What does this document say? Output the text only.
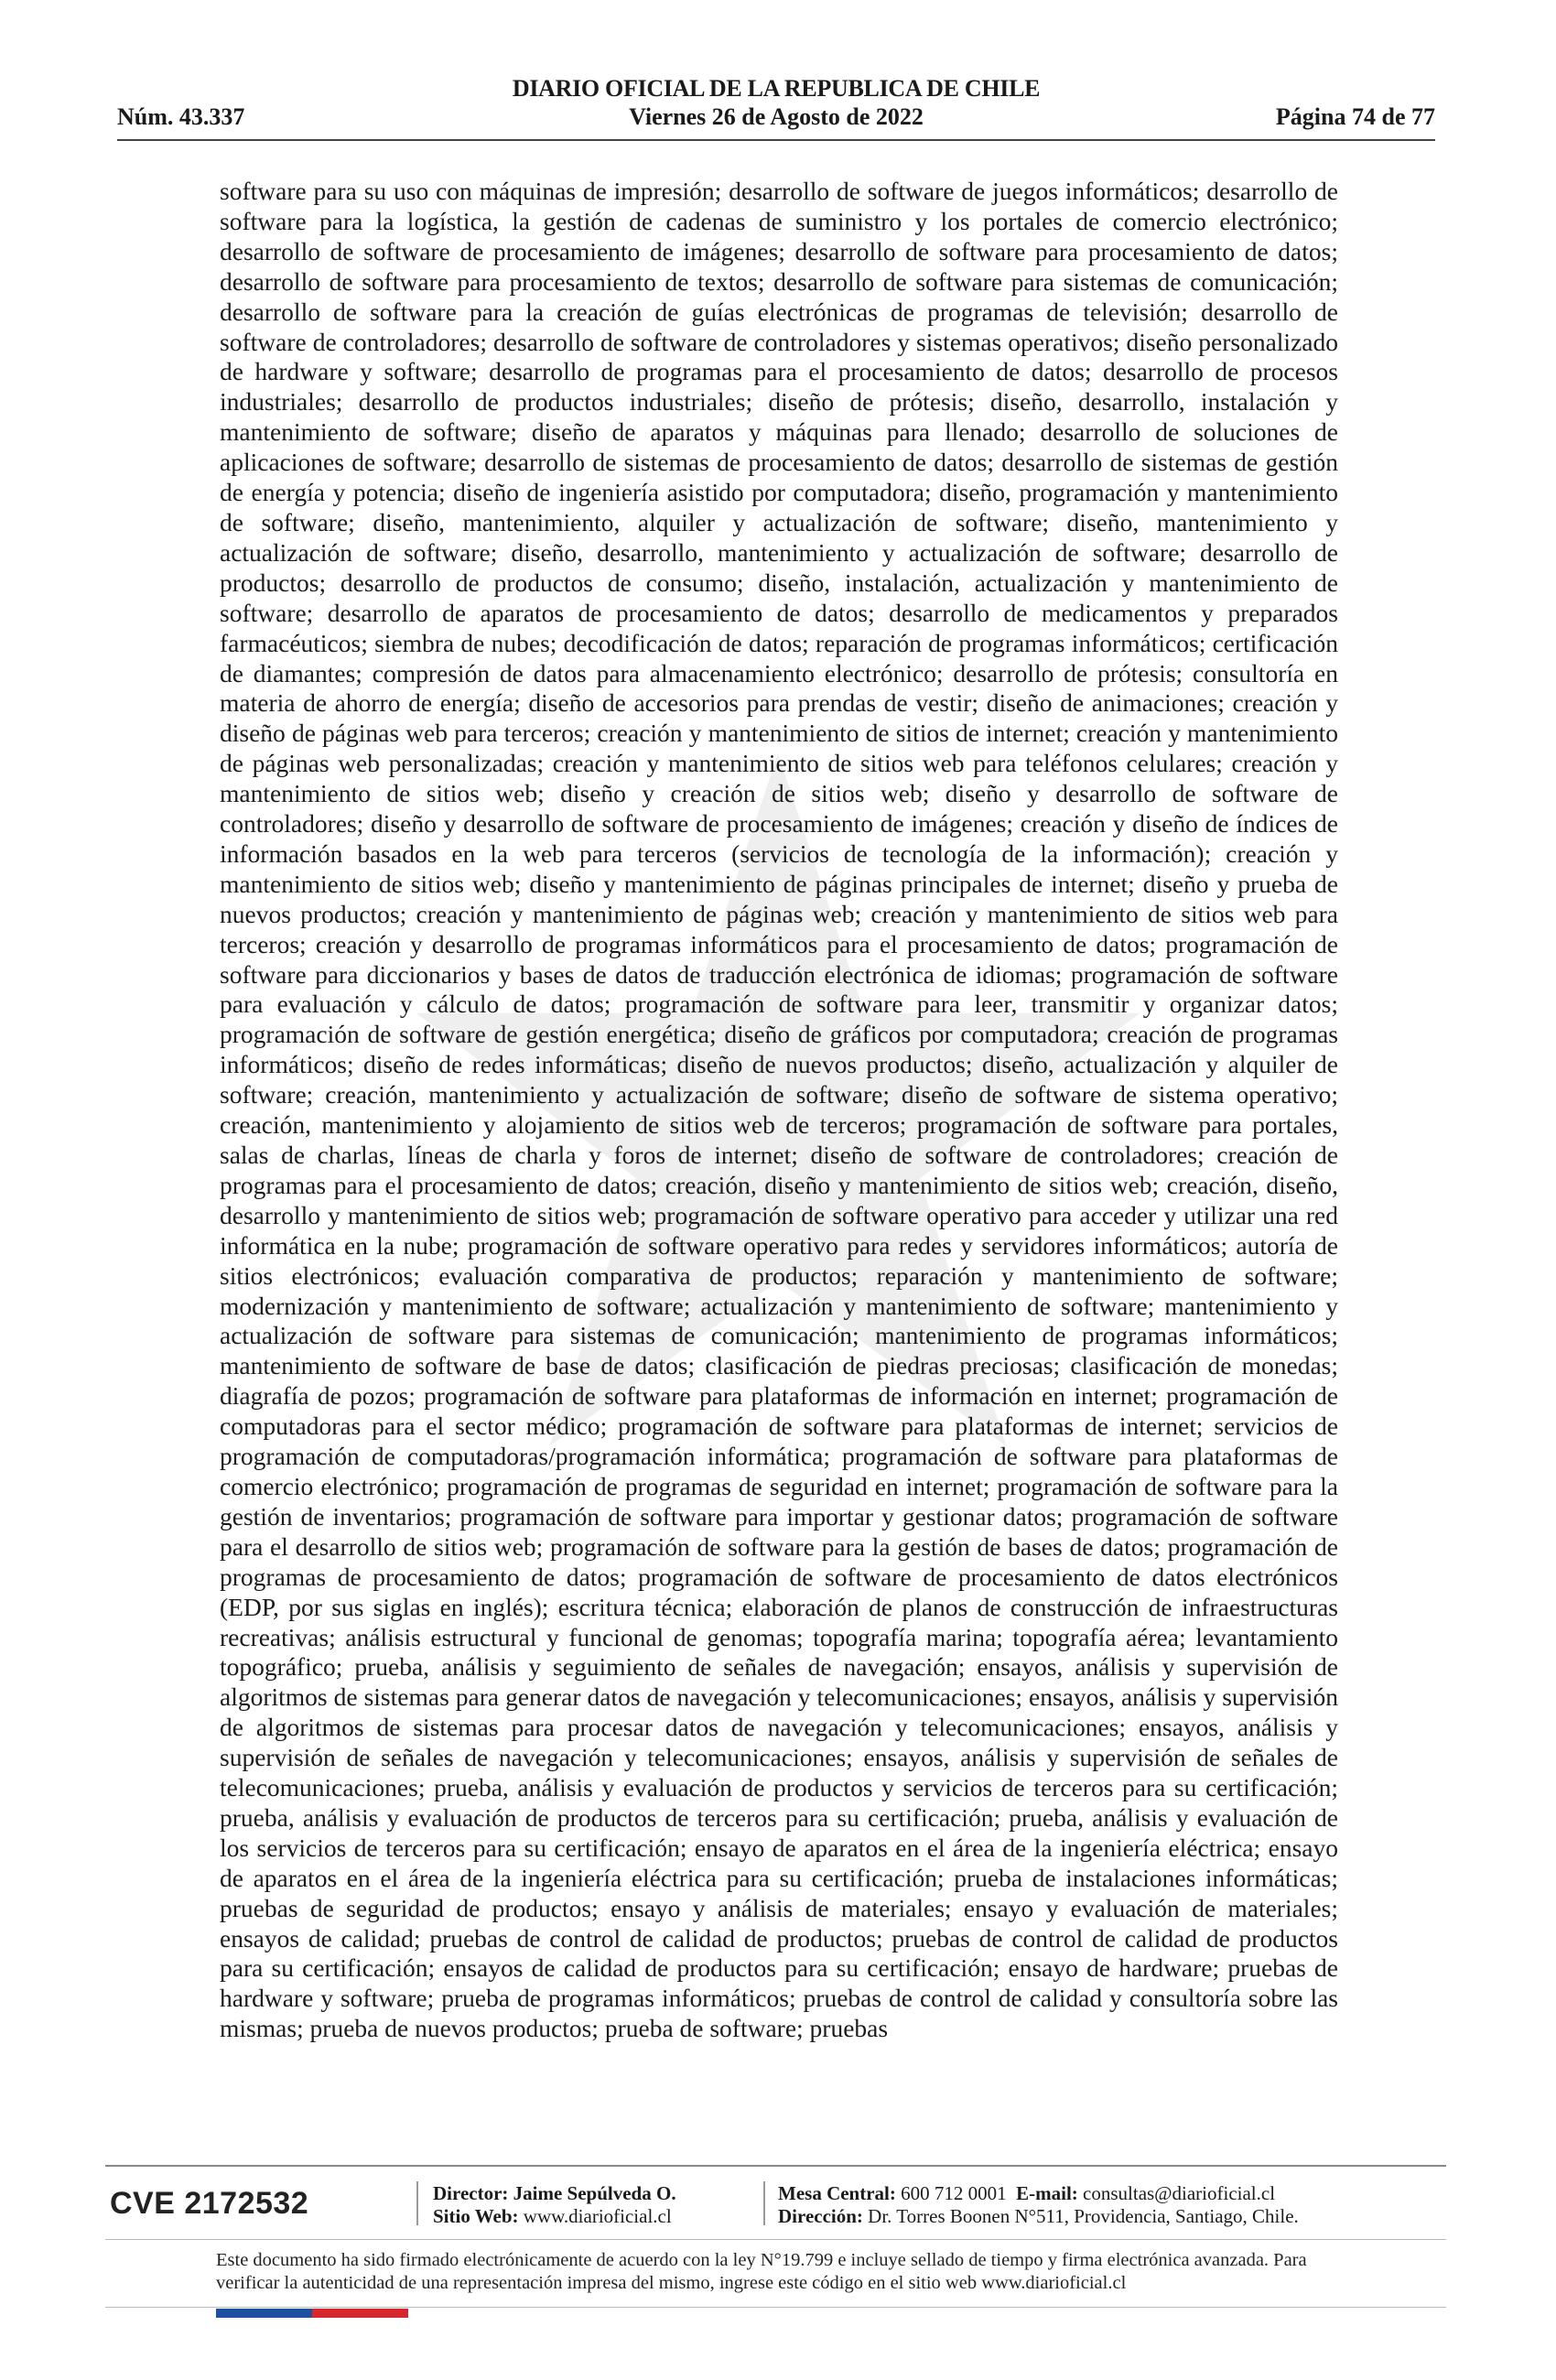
DIARIO OFICIAL DE LA REPUBLICA DE CHILE
Viernes 26 de Agosto de 2022
Núm. 43.337	Página 74 de 77

software para su uso con máquinas de impresión; desarrollo de software de juegos informáticos; desarrollo de software para la logística, la gestión de cadenas de suministro y los portales de comercio electrónico; desarrollo de software de procesamiento de imágenes; desarrollo de software para procesamiento de datos; desarrollo de software para procesamiento de textos; desarrollo de software para sistemas de comunicación; desarrollo de software para la creación de guías electrónicas de programas de televisión; desarrollo de software de controladores; desarrollo de software de controladores y sistemas operativos; diseño personalizado de hardware y software; desarrollo de programas para el procesamiento de datos; desarrollo de procesos industriales; desarrollo de productos industriales; diseño de prótesis; diseño, desarrollo, instalación y mantenimiento de software; diseño de aparatos y máquinas para llenado; desarrollo de soluciones de aplicaciones de software; desarrollo de sistemas de procesamiento de datos; desarrollo de sistemas de gestión de energía y potencia; diseño de ingeniería asistido por computadora; diseño, programación y mantenimiento de software; diseño, mantenimiento, alquiler y actualización de software; diseño, mantenimiento y actualización de software; diseño, desarrollo, mantenimiento y actualización de software; desarrollo de productos; desarrollo de productos de consumo; diseño, instalación, actualización y mantenimiento de software; desarrollo de aparatos de procesamiento de datos; desarrollo de medicamentos y preparados farmacéuticos; siembra de nubes; decodificación de datos; reparación de programas informáticos; certificación de diamantes; compresión de datos para almacenamiento electrónico; desarrollo de prótesis; consultoría en materia de ahorro de energía; diseño de accesorios para prendas de vestir; diseño de animaciones; creación y diseño de páginas web para terceros; creación y mantenimiento de sitios de internet; creación y mantenimiento de páginas web personalizadas; creación y mantenimiento de sitios web para teléfonos celulares; creación y mantenimiento de sitios web; diseño y creación de sitios web; diseño y desarrollo de software de controladores; diseño y desarrollo de software de procesamiento de imágenes; creación y diseño de índices de información basados en la web para terceros (servicios de tecnología de la información); creación y mantenimiento de sitios web; diseño y mantenimiento de páginas principales de internet; diseño y prueba de nuevos productos; creación y mantenimiento de páginas web; creación y mantenimiento de sitios web para terceros; creación y desarrollo de programas informáticos para el procesamiento de datos; programación de software para diccionarios y bases de datos de traducción electrónica de idiomas; programación de software para evaluación y cálculo de datos; programación de software para leer, transmitir y organizar datos; programación de software de gestión energética; diseño de gráficos por computadora; creación de programas informáticos; diseño de redes informáticas; diseño de nuevos productos; diseño, actualización y alquiler de software; creación, mantenimiento y actualización de software; diseño de software de sistema operativo; creación, mantenimiento y alojamiento de sitios web de terceros; programación de software para portales, salas de charlas, líneas de charla y foros de internet; diseño de software de controladores; creación de programas para el procesamiento de datos; creación, diseño y mantenimiento de sitios web; creación, diseño, desarrollo y mantenimiento de sitios web; programación de software operativo para acceder y utilizar una red informática en la nube; programación de software operativo para redes y servidores informáticos; autoría de sitios electrónicos; evaluación comparativa de productos; reparación y mantenimiento de software; modernización y mantenimiento de software; actualización y mantenimiento de software; mantenimiento y actualización de software para sistemas de comunicación; mantenimiento de programas informáticos; mantenimiento de software de base de datos; clasificación de piedras preciosas; clasificación de monedas; diagrafía de pozos; programación de software para plataformas de información en internet; programación de computadoras para el sector médico; programación de software para plataformas de internet; servicios de programación de computadoras/programación informática; programación de software para plataformas de comercio electrónico; programación de programas de seguridad en internet; programación de software para la gestión de inventarios; programación de software para importar y gestionar datos; programación de software para el desarrollo de sitios web; programación de software para la gestión de bases de datos; programación de programas de procesamiento de datos; programación de software de procesamiento de datos electrónicos (EDP, por sus siglas en inglés); escritura técnica; elaboración de planos de construcción de infraestructuras recreativas; análisis estructural y funcional de genomas; topografía marina; topografía aérea; levantamiento topográfico; prueba, análisis y seguimiento de señales de navegación; ensayos, análisis y supervisión de algoritmos de sistemas para generar datos de navegación y telecomunicaciones; ensayos, análisis y supervisión de algoritmos de sistemas para procesar datos de navegación y telecomunicaciones; ensayos, análisis y supervisión de señales de navegación y telecomunicaciones; ensayos, análisis y supervisión de señales de telecomunicaciones; prueba, análisis y evaluación de productos y servicios de terceros para su certificación; prueba, análisis y evaluación de productos de terceros para su certificación; prueba, análisis y evaluación de los servicios de terceros para su certificación; ensayo de aparatos en el área de la ingeniería eléctrica; ensayo de aparatos en el área de la ingeniería eléctrica para su certificación; prueba de instalaciones informáticas; pruebas de seguridad de productos; ensayo y análisis de materiales; ensayo y evaluación de materiales; ensayos de calidad; pruebas de control de calidad de productos; pruebas de control de calidad de productos para su certificación; ensayos de calidad de productos para su certificación; ensayo de hardware; pruebas de hardware y software; prueba de programas informáticos; pruebas de control de calidad y consultoría sobre las mismas; prueba de nuevos productos; prueba de software; pruebas

CVE 2172532	Director: Jaime Sepúlveda O.
Sitio Web: www.diarioficial.cl
Mesa Central: 600 712 0001 E-mail: consultas@diarioficial.cl
Dirección: Dr. Torres Boonen N°511, Providencia, Santiago, Chile.

Este documento ha sido firmado electrónicamente de acuerdo con la ley N°19.799 e incluye sellado de tiempo y firma electrónica avanzada. Para verificar la autenticidad de una representación impresa del mismo, ingrese este código en el sitio web www.diarioficial.cl
